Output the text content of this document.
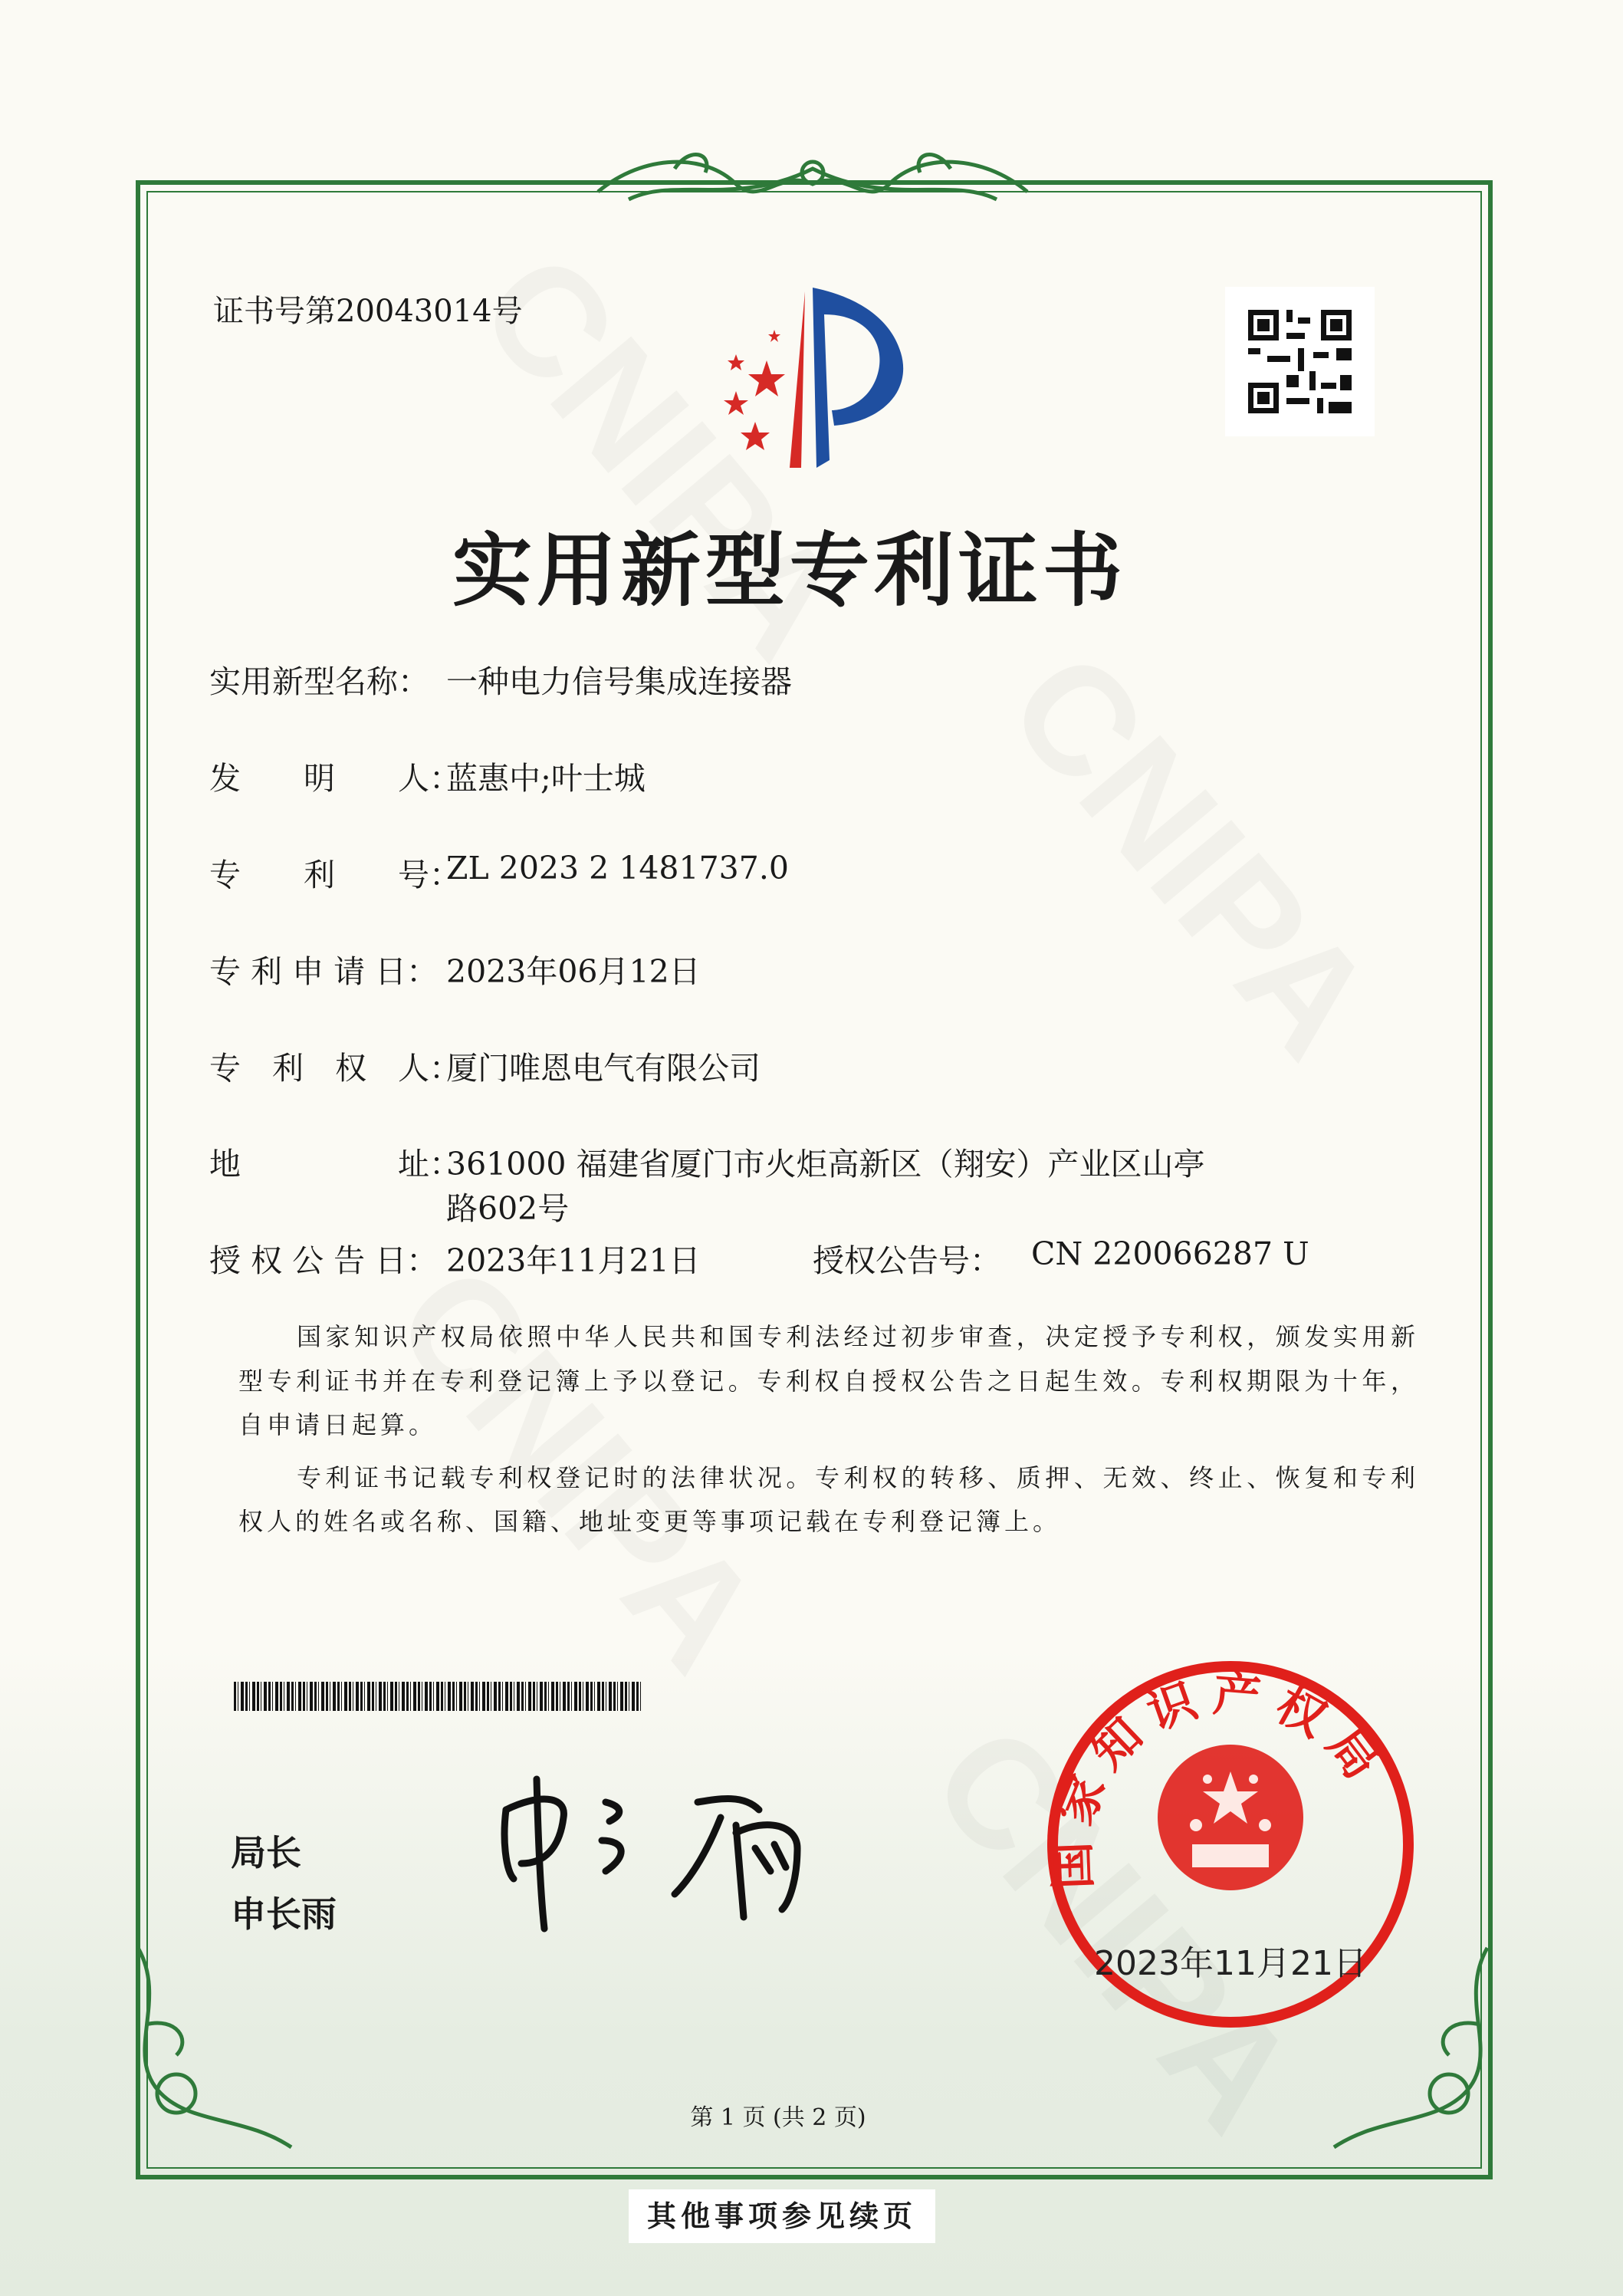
证书号第20043014号
实用新型专利证书
实用新型名称： 一种电力信号集成连接器
发　　明　　人：
蓝惠中;叶士城
专　　利　　号：
ZL 2023 2 1481737.0
专 利 申 请 日： 2023年06月12日
专　利　权　人：
厦门唯恩电气有限公司
地　　　　　址：
361000 福建省厦门市火炬高新区（翔安）产业区山亭
路602号
授 权 公 告 日： 2023年11月21日	授权公告号： CN 220066287 U

国家知识产权局依照中华人民共和国专利法经过初步审查，决定授予专利权，颁发实用新型专利证书并在专利登记簿上予以登记。专利权自授权公告之日起生效。专利权期限为十年，自申请日起算。

专利证书记载专利权登记时的法律状况。专利权的转移、质押、无效、终止、恢复和专利权人的姓名或名称、国籍、地址变更等事项记载在专利登记簿上。

局长
申长雨
国家知识产权局
2023年11月21日
第 1 页 (共 2 页)
其他事项参见续页
